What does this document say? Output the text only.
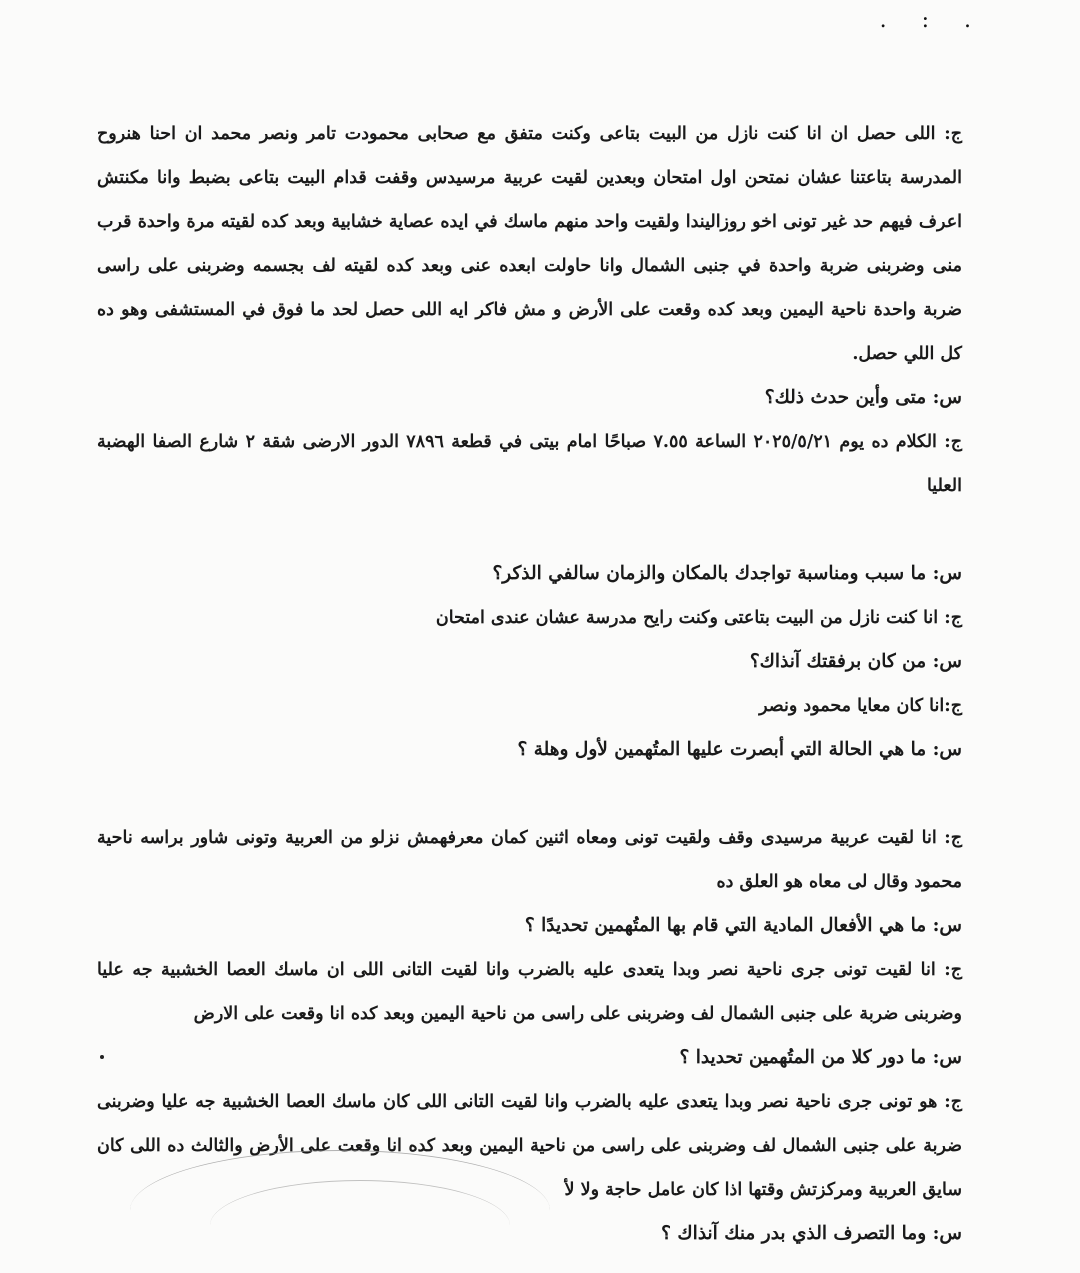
. : .

ج: اللى حصل ان انا كنت نازل من البيت بتاعى وكنت متفق مع صحابى محمودت تامر ونصر محمد ان احنا هنروح المدرسة بتاعتنا عشان نمتحن اول امتحان وبعدين لقيت عربية مرسيدس وقفت قدام البيت بتاعى بضبط وانا مكنتش اعرف فيهم حد غير تونى اخو روزالیندا ولقيت واحد منهم ماسك في ايده عصاية خشابية وبعد كده لقيته مرة واحدة قرب منى وضربنى ضربة واحدة في جنبى الشمال وانا حاولت ابعده عنى وبعد كده لقيته لف بجسمه وضربنى على راسى ضربة واحدة ناحية اليمين وبعد كده وقعت على الأرض و مش فاكر ايه اللى حصل لحد ما فوق في المستشفى وهو ده كل اللي حصل.

س: متى وأين حدث ذلك؟

ج: الكلام ده يوم ٢٠٢٥/٥/٢١ الساعة ٧.٥٥ صباحًا امام بيتى في قطعة ٧٨٩٦ الدور الارضى شقة ٢ شارع الصفا الهضبة العليا

س: ما سبب ومناسبة تواجدك بالمكان والزمان سالفي الذكر؟

ج: انا كنت نازل من البيت بتاعتى وكنت رايح مدرسة عشان عندى امتحان

س: من كان برفقتك آنذاك؟

ج:انا كان معايا محمود ونصر

س: ما هي الحالة التي أبصرت عليها المتُهمين لأول وهلة ؟

ج: انا لقيت عربية مرسيدى وقف ولقيت تونى ومعاه اثنين كمان معرفهمش نزلو من العربية وتونى شاور براسه ناحية محمود وقال لى معاه هو العلق ده

س: ما هي الأفعال المادية التي قام بها المتُهمين تحديدًا ؟

ج: انا لقيت تونى جرى ناحية نصر وبدا يتعدى عليه بالضرب وانا لقيت التانى اللى ان ماسك العصا الخشبية جه عليا وضربنى ضربة على جنبى الشمال لف وضربنى على راسى من ناحية اليمين وبعد كده انا وقعت على الارض

س: ما دور كلا من المتُهمين تحديدا ؟

ج: هو تونى جرى ناحية نصر وبدا يتعدى عليه بالضرب وانا لقيت التانى اللى كان ماسك العصا الخشبية جه عليا وضربنى ضربة على جنبى الشمال لف وضربنى على راسى من ناحية اليمين وبعد كده انا وقعت على الأرض والثالث ده اللى كان سايق العربية ومركزتش وقتها اذا كان عامل حاجة ولا لأ

س: وما التصرف الذي بدر منك آنذاك ؟
